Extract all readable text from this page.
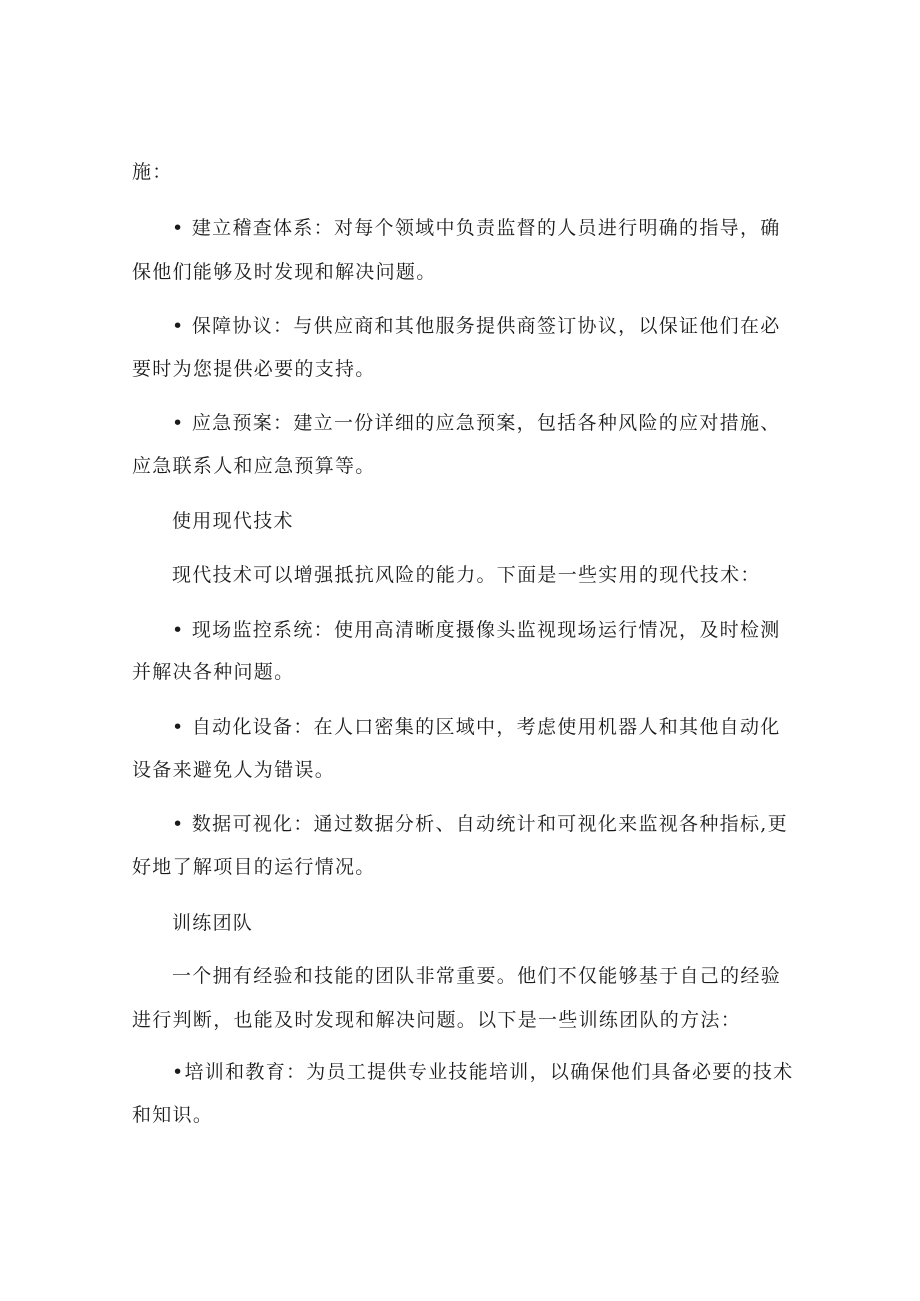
施：
• 建立稽查体系：对每个领域中负责监督的人员进行明确的指导，确
保他们能够及时发现和解决问题。
• 保障协议：与供应商和其他服务提供商签订协议，以保证他们在必
要时为您提供必要的支持。
• 应急预案：建立一份详细的应急预案，包括各种风险的应对措施、
应急联系人和应急预算等。
使用现代技术
现代技术可以增强抵抗风险的能力。下面是一些实用的现代技术：
• 现场监控系统：使用高清晰度摄像头监视现场运行情况，及时检测
并解决各种问题。
• 自动化设备：在人口密集的区域中，考虑使用机器人和其他自动化
设备来避免人为错误。
• 数据可视化：通过数据分析、自动统计和可视化来监视各种指标,更
好地了解项目的运行情况。
训练团队
一个拥有经验和技能的团队非常重要。他们不仅能够基于自己的经验
进行判断，也能及时发现和解决问题。以下是一些训练团队的方法：
•培训和教育：为员工提供专业技能培训，以确保他们具备必要的技术
和知识。
